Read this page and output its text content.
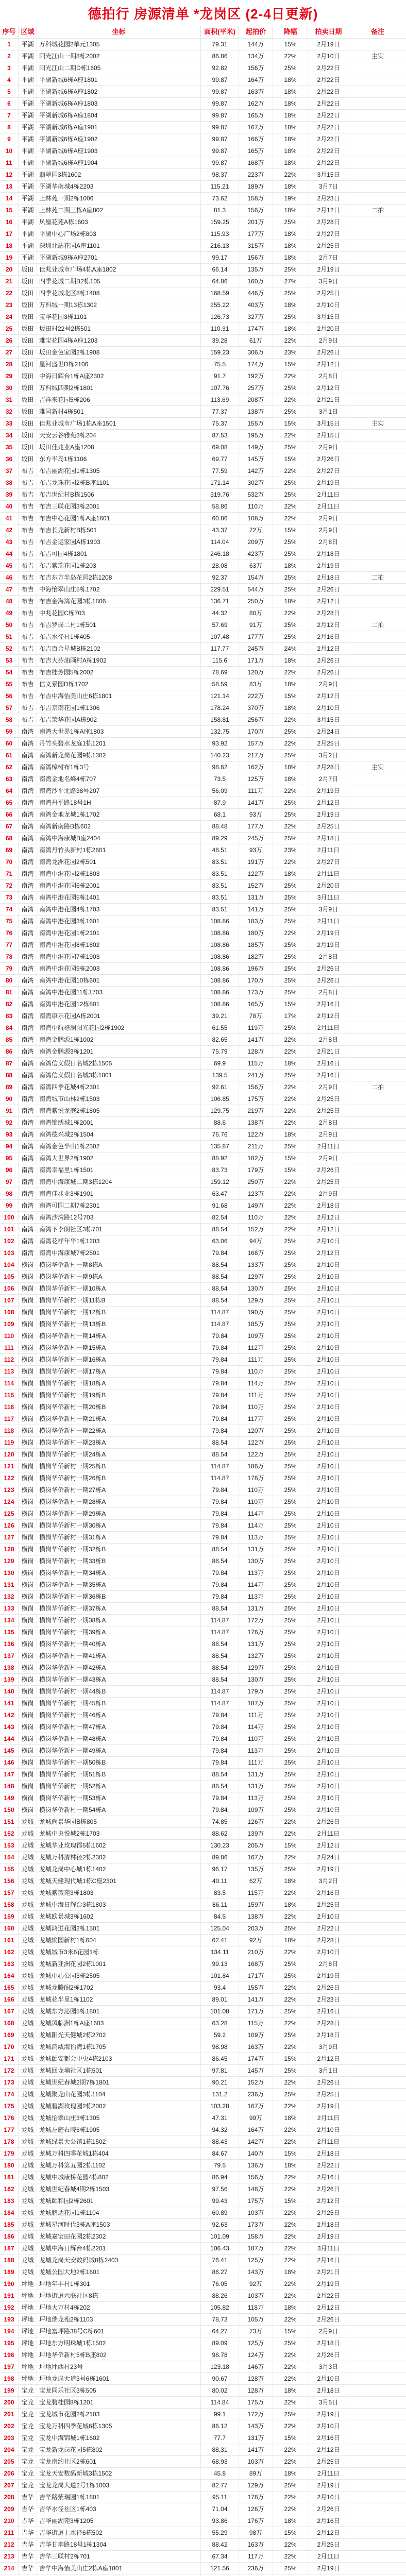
德拍行 房源清单 *龙岗区 (2-4日更新)
序号 区域	坐标	面积(平米)	起拍价	降幅	拍卖日期	备注
1	平湖 万科城花园2单元1305	79.31	144万	15%	2月19日
2	平湖 阳光江山一期8栋2002	86.86	134万	22%	2月10日	主实
3	平湖 阳光江山二期D栋1605	92.82	156万	25%	2月22日
4	平湖 平湖新城6栋A座1801	99.87	164万	18%	2月22日
5	平湖 平湖新城6栋A座1802	99.87	163万	18%	2月22日
6	平湖 平湖新城6栋A座1803	99.87	162万	18%	2月22日
7	平湖 平湖新城6栋A座1804	99.87	165万	18%	2月22日
8	平湖 平湖新城6栋A座1901	99.87	167万	18%	2月22日
9	平湖 平湖新城6栋A座1902	99.87	166万	18%	2月22日
10	平湖 平湖新城6栋A座1903	99.87	165万	18%	2月22日
11	平湖 平湖新城6栋A座1904	99.87	168万	18%	2月22日
12	平湖 翡翠园3栋1602	98.37	223万	22%	3月15日
13	平湖 平湖华南城4栋2203	115.21	189万	18%	3月7日
14	平湖 上林苑一期2栋1006	73.62	158万	19%	2月23日
15	平湖 上林苑二期三栋A座802	81.3	156万	18%	2月12日	二拍
16	平湖 凤凰花苑A栋1603	159.25	201万	25%	2月28日
17	平湖 平湖中心广场2栋803	115.93	177万	18%	2月27日
18	平湖 深圳北站花园A座1101	216.13	315万	18%	2月25日
19	平湖 平湖新城9栋A座2701	99.17	156万	18%	2月7日
20	坂田 佳兆业城市广场4栋A座1802	66.14	135万	25%	2月19日
21	坂田 四季花城二期B2栋105	64.86	160万	27%	3月9日
22	坂田 四季花城北区8栋1408	168.59	446万	25%	2月25日
23	坂田 万科城一期13栋1302	255.22	403万	18%	2月10日
24	坂田 宝华花园3栋1101	126.73	327万	25%	3月15日
25	坂田 坂田村22号2栋501	110.31	174万	18%	2月20日
26	坂田 雅宝花园4栋A座1203	39.28	61万	22%	2月9日
27	坂田 坂田金色家园2栋1908	159.23	306万	23%	2月26日
28	坂田 星河盛世D栋2106	75.5	174万	15%	2月12日
29	坂田 中海日辉台1栋A座2302	91.7	192万	22%	2月8日
30	坂田 万科城四期2栋1801	107.76	257万	25%	2月12日
31	坂田 吉祥来花园5栋206	113.69	208万	22%	2月21日
32	坂田 雅园新村4栋501	77.37	138万	25%	3月1日
33	坂田 佳兆业城市广场1栋A座1501	75.37	155万	15%	3月15日	主实
34	坂田 天安云谷雅苑3栋204	87.53	195万	22%	2月15日
35	坂田 坂田佳兆业A座1208	69.08	149万	25%	2月9日
36	坂田 东方半岛1栋1106	69.77	145万	15%	2月26日
37	布吉 布吉丽湖花园1栋1305	77.59	142万	22%	2月27日
38	布吉 布吉龙珠花园2栋B座1101	171.14	302万	25%	2月19日
39	布吉 布吉世纪村B栋1506	319.76	532万	25%	2月11日
40	布吉 布吉三联花园3栋2001	58.86	110万	22%	2月11日
41	布吉 布吉中心花园1栋A座1601	60.86	108万	22%	2月9日
42	布吉 布吉长龙新村B栋501	43.37	72万	15%	2月9日
43	布吉 布吉金运家园A栋1903	114.04	209万	25%	2月8日
44	布吉 布吉可园4栋1801	246.18	423万	25%	2月18日
45	布吉 布吉紫瑞花园1栋203	28.08	63万	18%	2月19日
46	布吉 布吉东方半岛花园2栋1208	92.37	154万	25%	2月18日	二拍
47	布吉 中海怡翠山庄5栋1702	229.51	544万	25%	2月26日
48	布吉 布吉金海湾花园3栋1806	136.71	250万	18%	2月12日
49	布吉 中兆花园C栋703	44.32	80万	22%	2月28日
50	布吉 布吉罗岗二村1栋501	57.69	91万	25%	2月12日	二拍
51	布吉 布吉水径村1栋405	107.48	177万	25%	2月16日
52	布吉 布吉百合星城B栋2102	117.77	245万	24%	2月12日
53	布吉 布吉大芬油画村A栋1902	115.6	171万	18%	2月26日
54	布吉 布吉桂芳园5栋2002	78.69	120万	22%	2月26日
55	布吉 信义景园D栋1702	58.59	83万	18%	2月9日
56	布吉 布吉中海怡美山庄6栋1801	121.14	222万	15%	2月12日
57	布吉 布吉京南花园1栋1306	178.24	370万	18%	2月10日
58	布吉 布吉荣华花园A栋902	158.81	256万	22%	3月15日
59	南湾 南湾大世界1栋A座1803	132.75	170万	25%	2月24日
60	南湾 丹竹头碧水龙庭1栋1201	93.92	157万	22%	2月25日
61	南湾 南湾新龙岗花园9栋1302	140.23	217万	25%	3月2日
62	南湾 南湾樟树布1栋3号	98.62	162万	18%	2月28日	主实
63	南湾 南湾金地名峰4栋707	73.5	125万	18%	2月7日
64	南湾 南湾沙平北路38号207	56.09	111万	22%	2月19日
65	南湾 南湾丹平路18号1H	87.9	141万	25%	2月12日
66	南湾 南湾金地龙城1栋1702	68.1	93万	25%	2月19日
67	南湾 南湾新南路B栋602	88.48	177万	22%	2月25日
68	南湾 南湾中海康城B座2404	89.29	245万	25%	2月18日
69	南湾 南湾丹竹头新村1栋2601	48.51	93万	23%	2月11日
70	南湾 南湾龙洲花园2栋501	83.51	191万	22%	2月27日
71	南湾 南湾中港花园2栋1803	83.51	122万	18%	2月11日
72	南湾 南湾中港花园6栋2001	83.51	152万	25%	2月20日
73	南湾 南湾中港花园5栋1401	83.51	131万	25%	3月11日
74	南湾 南湾中港花园4栋1703	83.51	141万	25%	3月9日
75	南湾 南湾中港花园3栋1601	108.86	183万	25%	2月11日
76	南湾 南湾中港花园1栋2101	108.86	180万	22%	2月19日
77	南湾 南湾中港花园8栋1802	108.86	185万	25%	2月19日
78	南湾 南湾中港花园7栋1903	108.86	182万	25%	2月8日
79	南湾 南湾中港花园9栋2003	108.86	196万	25%	2月26日
80	南湾 南湾中港花园10栋601	108.86	170万	25%	2月26日
81	南湾 南湾中港花园11栋1703	108.86	173万	25%	2月8日
82	南湾 南湾中港花园12栋801	108.86	165万	15%	2月16日
83	南湾 南湾康乐花园A栋2001	39.21	78万	17%	2月12日
84	南湾 南湾中航格澜阳光花园2栋1902	61.55	119万	25%	2月11日
85	南湾 南湾金鹏源1栋1002	82.65	141万	22%	2月8日
86	南湾 南湾金鹏源3栋1201	75.79	128万	22%	2月21日
87	南湾 南湾信义假日名城2栋1505	69.9	115万	18%	2月16日
88	南湾 南湾信义假日名城3栋1801	139.5	241万	25%	2月16日
89	南湾 南湾四季花城4栋2301	92.61	156万	22%	2月9日	二拍
90	南湾 南湾城市山林2栋1503	106.85	175万	22%	2月25日
91	南湾 南湾紫悦龙庭2栋1805	129.75	219万	22%	2月25日
92	南湾 南湾锦绣城1栋2001	88.6	138万	22%	2月8日
93	南湾 南湾德兴城2栋1504	76.76	122万	18%	2月9日
94	南湾 南湾金色半山1栋2302	135.87	211万	25%	2月11日
95	南湾 南湾大世界2栋1902	88.92	182万	15%	2月9日
96	南湾 南湾幸福里1栋1501	83.73	179万	15%	2月26日
97	南湾 南湾中海康城二期3栋1204	159.12	250万	22%	2月25日
98	南湾 南湾佳兆业3栋1901	63.47	123万	22%	2月9日
99	南湾 南湾可园二期7栋2301	91.68	149万	22%	2月18日
100	南湾 南湾沙湾路12号703	82.54	110万	22%	2月12日
101	南湾 南湾下李朗社区3栋701	88.54	152万	22%	2月12日
102	南湾 南湾花样年华1栋1203	63.06	94万	25%	2月10日
103	南湾 南湾中海康城7栋2501	79.84	168万	25%	2月12日
104	横岗 横岗华侨新村一期8栋A	88.54	133万	25%	2月10日
105	横岗 横岗华侨新村一期9栋A	88.54	129万	25%	2月10日
106	横岗 横岗华侨新村一期10栋A	88.54	130万	25%	2月10日
107	横岗 横岗华侨新村一期11栋B	88.54	129万	25%	2月10日
108	横岗 横岗华侨新村一期12栋B	114.87	190万	25%	2月10日
109	横岗 横岗华侨新村一期13栋B	114.87	185万	25%	2月10日
110	横岗 横岗华侨新村一期14栋A	79.84	109万	25%	2月10日
111	横岗 横岗华侨新村一期15栋A	79.84	112万	25%	2月10日
112	横岗 横岗华侨新村一期16栋A	79.84	111万	25%	2月10日
113	横岗 横岗华侨新村一期17栋A	79.84	110万	25%	2月10日
114	横岗 横岗华侨新村一期18栋A	79.84	114万	25%	2月10日
115	横岗 横岗华侨新村一期19栋B	79.84	111万	25%	2月10日
116	横岗 横岗华侨新村一期20栋B	79.84	110万	25%	2月10日
117	横岗 横岗华侨新村一期21栋A	79.84	117万	25%	2月10日
118	横岗 横岗华侨新村一期22栋A	79.84	120万	25%	2月10日
119	横岗 横岗华侨新村一期23栋A	88.54	122万	25%	2月10日
120	横岗 横岗华侨新村一期24栋A	88.54	122万	25%	2月10日
121	横岗 横岗华侨新村一期25栋B	114.87	186万	25%	2月10日
122	横岗 横岗华侨新村一期26栋B	114.87	178万	25%	2月10日
123	横岗 横岗华侨新村一期27栋A	79.84	110万	25%	2月10日
124	横岗 横岗华侨新村一期28栋A	79.84	110万	25%	2月10日
125	横岗 横岗华侨新村一期29栋A	79.84	114万	25%	2月10日
126	横岗 横岗华侨新村一期30栋A	79.84	114万	25%	2月10日
127	横岗 横岗华侨新村一期31栋A	79.84	113万	25%	2月10日
128	横岗 横岗华侨新村一期32栋B	88.54	131万	25%	2月10日
129	横岗 横岗华侨新村一期33栋B	88.54	130万	25%	2月10日
130	横岗 横岗华侨新村一期34栋A	79.84	113万	25%	2月10日
131	横岗 横岗华侨新村一期35栋A	79.84	114万	25%	2月10日
132	横岗 横岗华侨新村一期36栋B	79.84	113万	25%	2月10日
133	横岗 横岗华侨新村一期37栋A	88.54	131万	25%	2月10日
134	横岗 横岗华侨新村一期38栋A	114.87	172万	25%	2月10日
135	横岗 横岗华侨新村一期39栋A	114.87	176万	25%	2月10日
136	横岗 横岗华侨新村一期40栋A	88.54	131万	25%	2月10日
137	横岗 横岗华侨新村一期41栋A	88.54	132万	25%	2月10日
138	横岗 横岗华侨新村一期42栋A	88.54	129万	25%	2月10日
139	横岗 横岗华侨新村一期43栋A	88.54	130万	25%	2月10日
140	横岗 横岗华侨新村一期44栋B	114.87	179万	25%	2月10日
141	横岗 横岗华侨新村一期45栋B	114.87	187万	25%	2月10日
142	横岗 横岗华侨新村一期46栋A	79.84	111万	25%	2月10日
143	横岗 横岗华侨新村一期47栋A	79.84	114万	25%	2月10日
144	横岗 横岗华侨新村一期48栋A	79.84	110万	25%	2月10日
145	横岗 横岗华侨新村一期49栋A	79.84	113万	25%	2月10日
146	横岗 横岗华侨新村一期50栋B	79.84	111万	25%	2月10日
147	横岗 横岗华侨新村一期51栋B	88.54	131万	25%	2月10日
148	横岗 横岗华侨新村一期52栋A	88.54	131万	25%	2月10日
149	横岗 横岗华侨新村一期53栋A	79.84	113万	25%	2月10日
150	横岗 横岗华侨新村一期54栋A	79.84	109万	25%	2月10日
151	龙城 龙城尚景华园B栋805	74.85	126万	22%	2月26日
152	龙城 龙城中央悦城2栋1703	88.62	139万	22%	2月11日
153	龙城 龙城华业玫瑰郡5栋1602	130.23	205万	15%	2月12日
154	龙城 龙城万科清林径2栋2302	89.86	167万	22%	2月24日
155	龙城 龙城龙岗中心城1栋1402	96.17	135万	25%	2月19日
156	龙城 龙城天健现代城1栋C座2301	40.11	62万	18%	3月2日
157	龙城 龙城紫薇苑3栋1803	83.5	115万	22%	2月16日
158	龙城 龙城中海日辉台3栋1803	86.11	159万	18%	2月25日
159	龙城 龙城欧景城3栋1602	84.5	138万	22%	2月10日
160	龙城 龙城鸿进花园2栋1501	125.04	203万	25%	2月22日
161	龙城 龙城愉园新村1栋604	62.41	92万	18%	2月28日
162	龙城 龙城城市3米6花园1栋	134.11	210万	22%	2月10日
163	龙城 龙城新亚洲花园2栋1001	99.13	168万	25%	2月8日
164	龙城 龙城中心公园3栋2505	101.84	171万	25%	2月19日
165	龙城 龙城龙腾阁2栋1702	93.4	155万	22%	2月26日
166	龙城 龙城花半里1栋1102	89.01	141万	22%	2月23日
167	龙城 龙城东方沁园5栋1801	101.08	171万	25%	2月16日
168	龙城 龙城风临洲1栋A座1603	63.28	115万	22%	2月28日
169	龙城 龙城阳光天健城2栋2702	59.2	109万	25%	2月18日
170	龙城 龙城鸿威海怡湾1栋1705	98.98	163万	22%	3月9日
171	龙城 龙城颐安都会中央4栋2103	86.45	174万	15%	2月12日
172	龙城 龙城回龙埔社区1栋501	97.81	145万	25%	3月1日
173	龙城 龙城世纪春城2期7栋1801	90.21	152万	22%	2月26日
174	龙城 龙城聚龙山花园3栋1104	131.2	236万	25%	2月25日
175	龙城 龙城碧湖玫瑰园2栋2002	103.28	167万	22%	2月19日
176	龙城 龙城怡翠山庄3栋1305	47.31	99万	18%	2月11日
177	龙城 龙城左庭右院6栋1905	94.32	164万	22%	2月10日
178	龙城 龙城绿景大公馆1栋1502	88.43	142万	22%	2月11日
179	龙城 龙城万科四季花城1栋404	84.67	140万	15%	2月18日
180	龙城 龙城万科第五园2栋1102	79.5	136万	18%	2月22日
181	龙城 龙城中城康桥花园4栋802	86.94	156万	22%	2月16日
182	龙城 龙城世纪春城4期2栋1503	97.56	148万	22%	2月26日
183	龙城 龙城颐和园2栋2601	99.43	175万	15%	2月12日
184	龙城 龙城鹏达花园1栋1104	60.89	103万	22%	2月25日
185	龙城 龙城星河时代3栋A座1503	92.63	173万	22%	2月18日
186	龙城 龙城嘉宝田花园2栋2302	101.09	158万	22%	2月19日
187	龙城 龙城中海日辉台4栋2201	106.43	187万	22%	3月11日
188	龙城 龙城龙岗天安数码城8栋2403	76.41	125万	22%	2月16日
189	龙城 龙城公园大地2栋1601	86.27	143万	18%	2月21日
190	坪地 坪地年丰村1栋301	76.05	92万	22%	2月19日
191	坪地 坪地街道六联社区8栋	88.26	103万	22%	2月22日
192	坪地 坪地大万村4栋202	105.82	118万	18%	2月12日
193	坪地 坪地瑞龙苑2栋1103	78.73	105万	22%	2月26日
194	坪地 坪地富坪路38号C栋601	64.27	73万	15%	2月9日
195	坪地 坪地东方明珠城1栋1502	89.09	125万	25%	2月18日
196	坪地 坪地华侨新村5栋B座802	98.78	124万	22%	2月26日
197	坪地 坪地坪西村23号	123.18	146万	22%	3月3日
198	坪地 坪地龙岗大道3号6栋1601	90.67	128万	22%	2月10日
199	宝龙 宝龙同乐社区3栋505	80.02	128万	18%	2月18日
200	宝龙 宝龙碧桂园8栋1201	114.84	175万	22%	3月5日
201	宝龙 宝龙城市花园2栋2103	99.1	172万	25%	2月19日
202	宝龙 宝龙万科四季花城6栋1305	86.12	143万	22%	2月10日
203	宝龙 宝龙中海锦城1栋1602	77.7	131万	15%	2月16日
204	宝龙 宝龙新龙岗花园5栋802	88.31	141万	22%	2月12日
205	宝龙 宝龙南约社区2栋601	68.93	103万	22%	2月25日
206	宝龙 宝龙天安数码新城3栋1502	45.8	89万	18%	2月11日
207	宝龙 宝龙龙岗大道2号1栋1003	82.77	129万	25%	2月19日
208	吉华 吉华路紫瑞园1栋1801	95.11	178万	22%	2月10日
209	吉华 吉华水径社区1栋403	71.04	126万	22%	2月26日
210	吉华 吉华丽湖苑3栋1205	93.86	176万	18%	2月16日
211	吉华 吉华街道上水径6栋502	55.29	98万	15%	2月12日
212	吉华 吉华甘李路18号1栋1304	88.42	163万	22%	2月25日
213	吉华 吉华三联村2栋701	67.34	117万	22%	2月11日
214	吉华 吉华中海怡美山庄2栋A座1801	121.56	236万	25%	2月19日
